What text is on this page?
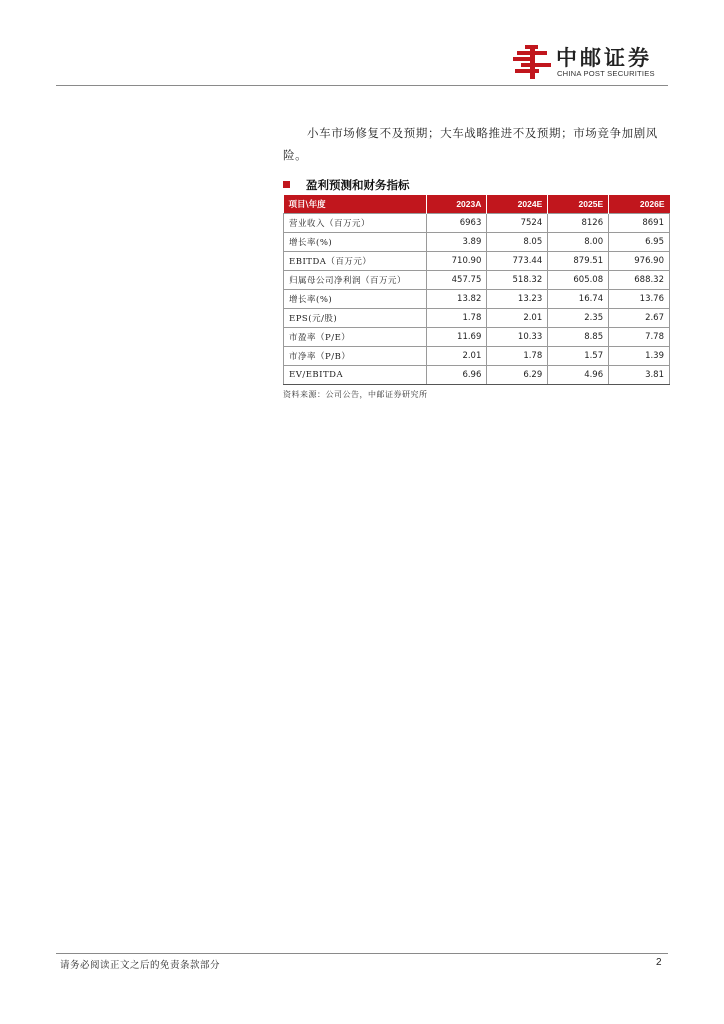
中邮证券
CHINA POST SECURITIES
小车市场修复不及预期；大车战略推进不及预期；市场竞争加剧风险。
盈利预测和财务指标
项目\年度	2023A	2024E	2025E	2026E
营业收入（百万元）	6963	7524	8126	8691
增长率(%)	3.89	8.05	8.00	6.95
EBITDA（百万元）	710.90	773.44	879.51	976.90
归属母公司净利润（百万元）	457.75	518.32	605.08	688.32
增长率(%)	13.82	13.23	16.74	13.76
EPS(元/股)	1.78	2.01	2.35	2.67
市盈率（P/E）	11.69	10.33	8.85	7.78
市净率（P/B）	2.01	1.78	1.57	1.39
EV/EBITDA	6.96	6.29	4.96	3.81
资料来源：公司公告，中邮证券研究所
请务必阅读正文之后的免责条款部分	2
